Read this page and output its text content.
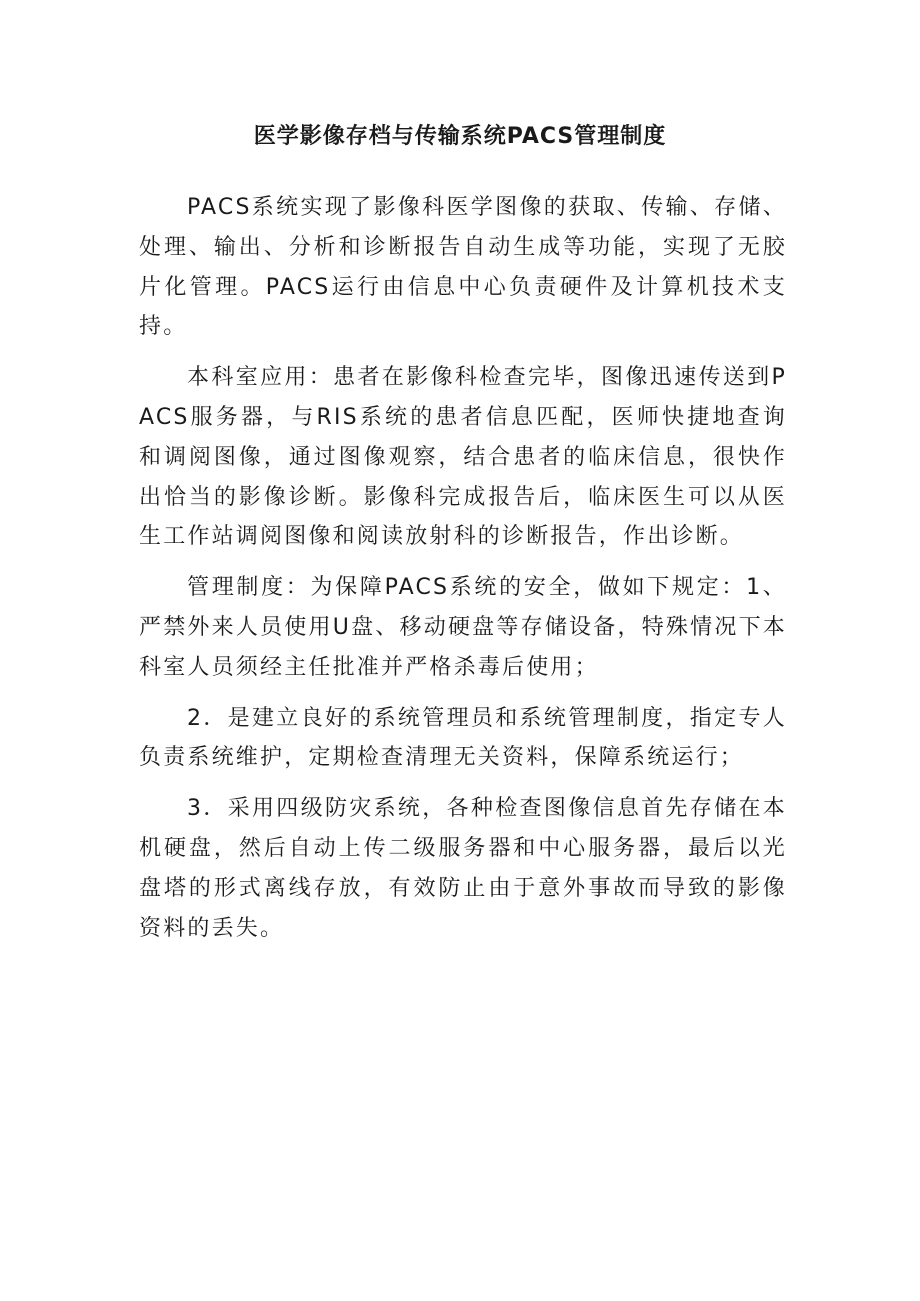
医学影像存档与传输系统PACS管理制度

PACS系统实现了影像科医学图像的获取、传输、存储、处理、输出、分析和诊断报告自动生成等功能，实现了无胶片化管理。PACS运行由信息中心负责硬件及计算机技术支持。

本科室应用：患者在影像科检查完毕，图像迅速传送到PACS服务器，与RIS系统的患者信息匹配，医师快捷地查询和调阅图像，通过图像观察，结合患者的临床信息，很快作出恰当的影像诊断。影像科完成报告后，临床医生可以从医生工作站调阅图像和阅读放射科的诊断报告，作出诊断。

管理制度：为保障PACS系统的安全，做如下规定：1、严禁外来人员使用U盘、移动硬盘等存储设备，特殊情况下本科室人员须经主任批准并严格杀毒后使用；

2．是建立良好的系统管理员和系统管理制度，指定专人负责系统维护，定期检查清理无关资料，保障系统运行；

3．采用四级防灾系统，各种检查图像信息首先存储在本机硬盘，然后自动上传二级服务器和中心服务器，最后以光盘塔的形式离线存放，有效防止由于意外事故而导致的影像资料的丢失。
